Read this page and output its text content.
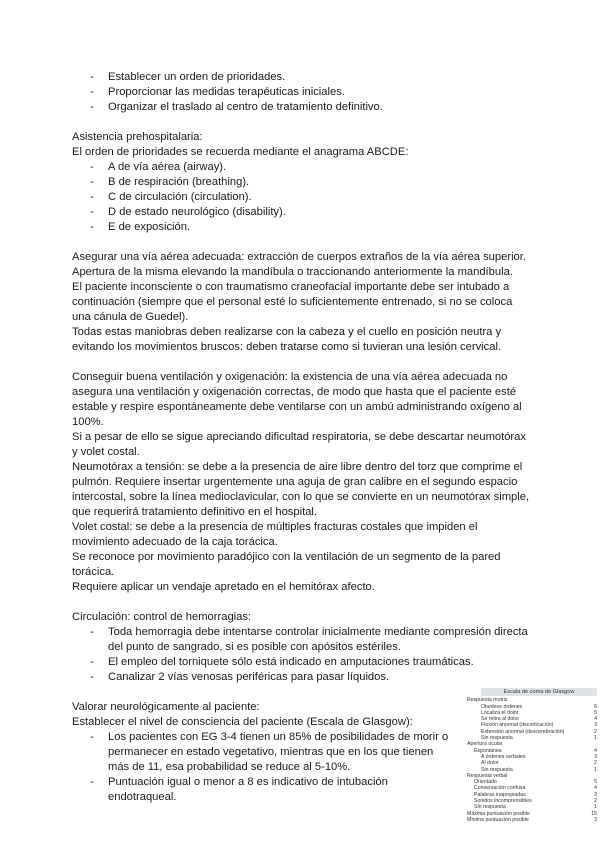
- Establecer un orden de prioridades.
- Proporcionar las medidas terapéuticas iniciales.
- Organizar el traslado al centro de tratamiento definitivo.

Asistencia prehospitalaria:

El orden de prioridades se recuerda mediante el anagrama ABCDE:

- A de vía aérea (airway).
- B de respiración (breathing).
- C de circulación (circulation).
- D de estado neurológico (disability).
- E de exposición.

Asegurar una vía aérea adecuada: extracción de cuerpos extraños de la vía aérea superior. Apertura de la misma elevando la mandíbula o traccionando anteriormente la mandíbula.

El paciente inconsciente o con traumatismo craneofacial importante debe ser intubado a continuación (siempre que el personal esté lo suficientemente entrenado, si no se coloca una cánula de Guedel).

Todas estas maniobras deben realizarse con la cabeza y el cuello en posición neutra y evitando los movimientos bruscos: deben tratarse como si tuvieran una lesión cervical.

Conseguir buena ventilación y oxigenación: la existencia de una vía aérea adecuada no asegura una ventilación y oxigenación correctas, de modo que hasta que el paciente esté estable y respire espontáneamente debe ventilarse con un ambú administrando oxígeno al 100%.

Si a pesar de ello se sigue apreciando dificultad respiratoria, se debe descartar neumotórax y volet costal.

Neumotórax a tensión: se debe a la presencia de aire libre dentro del torz que comprime el pulmón. Requiere insertar urgentemente una aguja de gran calibre en el segundo espacio intercostal, sobre la línea medioclavicular, con lo que se convierte en un neumotórax simple, que requerirá tratamiento definitivo en el hospital.

Volet costal: se debe a la presencia de múltiples fracturas costales que impiden el movimiento adecuado de la caja torácica.

Se reconoce por movimiento paradójico con la ventilación de un segmento de la pared torácica.

Requiere aplicar un vendaje apretado en el hemitórax afecto.

Circulación: control de hemorragias:

- Toda hemorragia debe intentarse controlar inicialmente mediante compresión directa del punto de sangrado, si es posible con apósitos estériles.
- El empleo del torniquete sólo está indicado en amputaciones traumáticas.
- Canalizar 2 vías venosas periféricas para pasar líquidos.

Valorar neurológicamente al paciente:

Establecer el nivel de consciencia del paciente (Escala de Glasgow):

- Los pacientes con EG 3-4 tienen un 85% de posibilidades de morir o permanecer en estado vegetativo, mientras que en los que tienen más de 11, esa probabilidad se reduce al 5-10%.
- Puntuación igual o menor a 8 es indicativo de intubación endotraqueal.
Escala de coma de Glasgow
Respuesta motriz
Obedece órdenes	6
Localiza el dolor	5
Se retira al dolor	4
Flexión anormal (decorticación)	3
Extensión anormal (descerebración)	2
Sin respuesta	1
Apertura ocular
Espontánea	4
A órdenes verbales	3
Al dolor	2
Sin respuesta	1
Respuesta verbal
Orientado	5
Conversación confusa	4
Palabras inapropiadas	3
Sonidos incomprensibles	2
Sin respuesta	1
Máxima puntuación posible	15
Mínima puntuación posible	3
